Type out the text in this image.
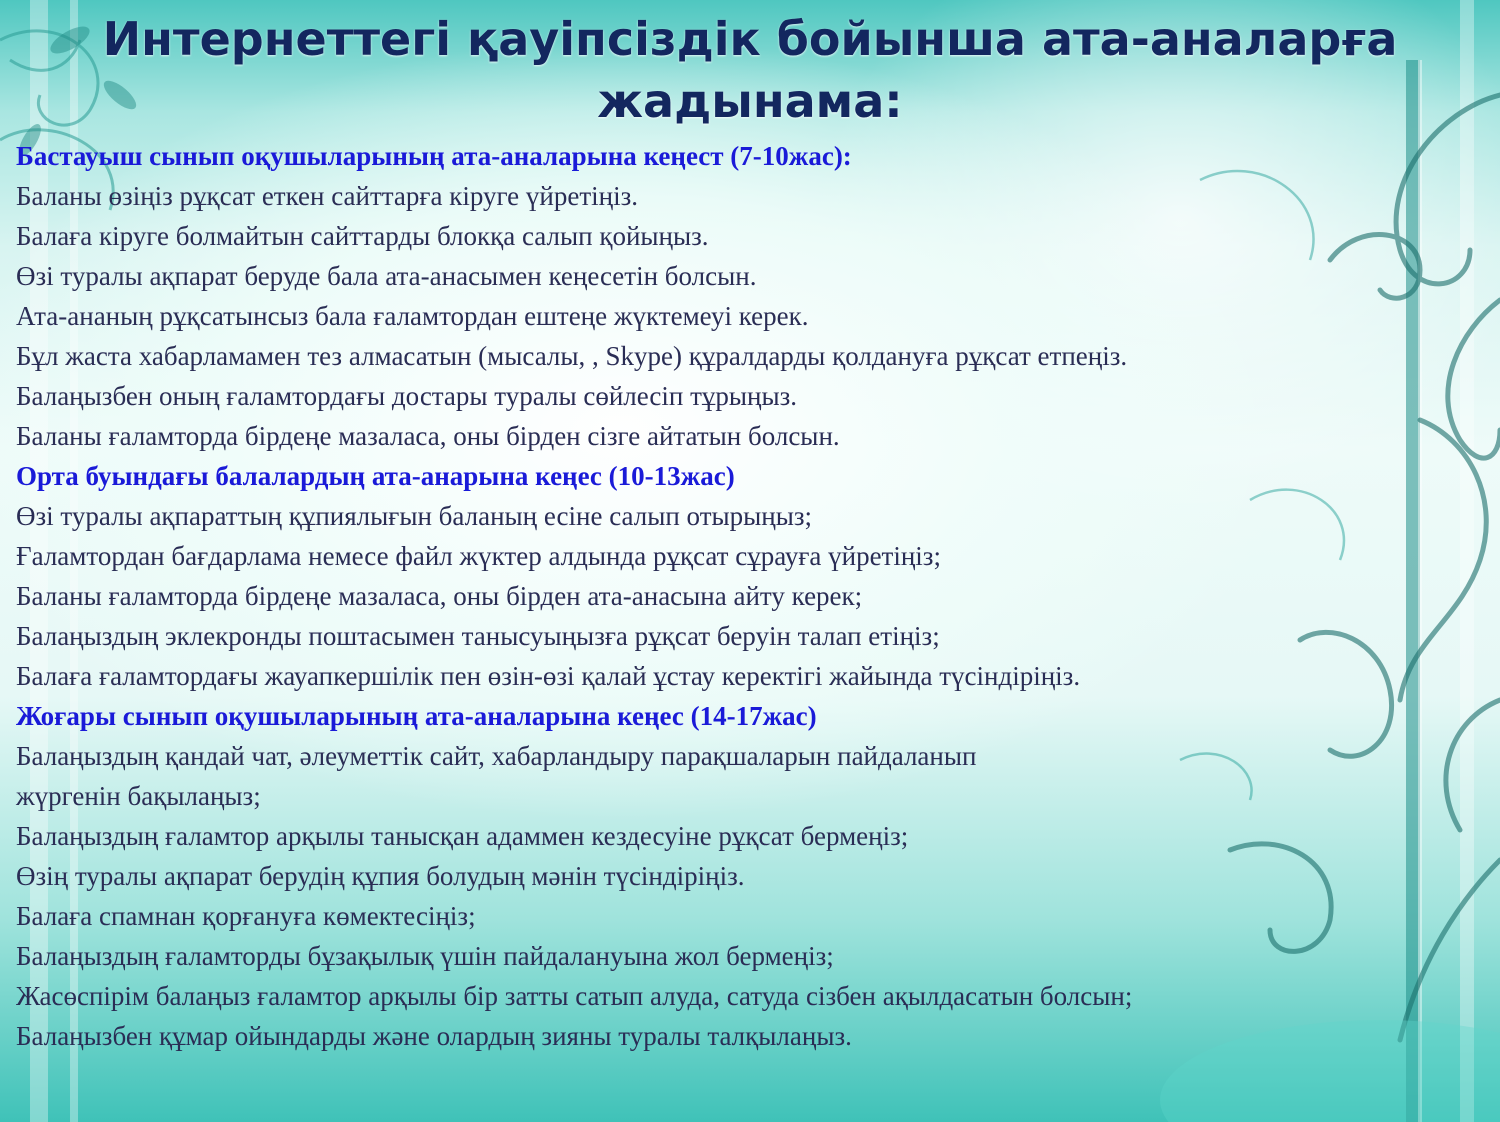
Интернеттегі қауіпсіздік бойынша ата-аналарға
жадынама:
Бастауыш сынып оқушыларының ата-аналарына кеңест (7-10жас):
Баланы өзіңіз рұқсат еткен сайттарға кіруге үйретіңіз.
Балаға кіруге болмайтын сайттарды блокқа салып қойыңыз.
Өзі туралы ақпарат беруде бала ата-анасымен кеңесетін болсын.
Ата-ананың рұқсатынсыз бала ғаламтордан ештеңе жүктемеуі керек.
Бұл жаста хабарламамен тез алмасатын (мысалы, , Skype) құралдарды қолдануға рұқсат етпеңіз.
Балаңызбен оның ғаламтордағы достары туралы сөйлесіп тұрыңыз.
Баланы ғаламторда бірдеңе мазаласа, оны бірден сізге айтатын болсын.
Орта буындағы балалардың ата-анарына кеңес (10-13жас)
Өзі туралы ақпараттың құпиялығын баланың есіне салып отырыңыз;
Ғаламтордан бағдарлама немесе файл жүктер алдында рұқсат сұрауға үйретіңіз;
Баланы ғаламторда бірдеңе мазаласа, оны бірден ата-анасына айту керек;
Балаңыздың эклекронды поштасымен танысуыңызға рұқсат беруін талап етіңіз;
Балаға ғаламтордағы жауапкершілік пен өзін-өзі қалай ұстау керектігі жайында түсіндіріңіз.
Жоғары сынып оқушыларының ата-аналарына кеңес (14-17жас)
Балаңыздың қандай чат, әлеуметтік сайт, хабарландыру парақшаларын пайдаланып
жүргенін бақылаңыз;
Балаңыздың ғаламтор арқылы танысқан адаммен кездесуіне рұқсат бермеңіз;
Өзің туралы ақпарат берудің құпия болудың мәнін түсіндіріңіз.
Балаға спамнан қорғануға көмектесіңіз;
Балаңыздың ғаламторды бұзақылық үшін пайдалануына жол бермеңіз;
Жасөспірім балаңыз ғаламтор арқылы бір затты сатып алуда, сатуда сізбен ақылдасатын болсын;
Балаңызбен құмар ойындарды және олардың зияны туралы талқылаңыз.
